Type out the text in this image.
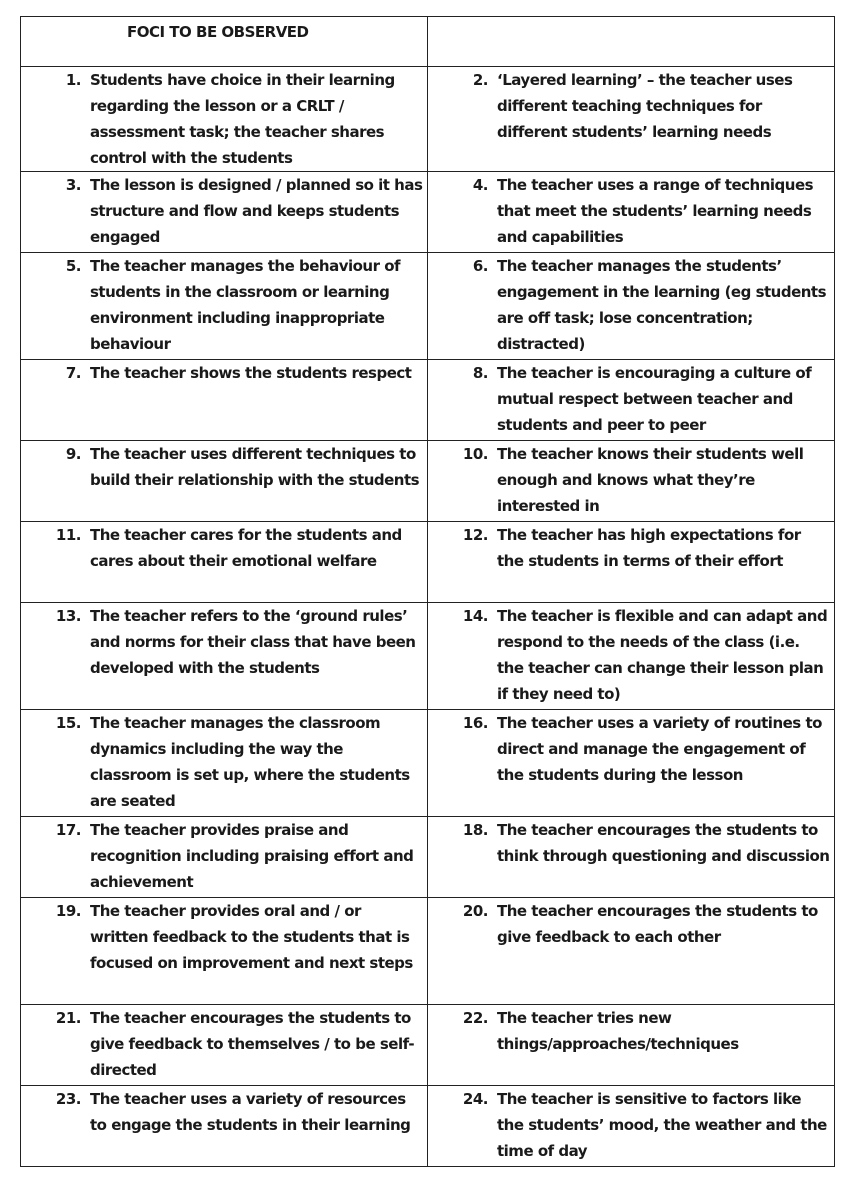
FOCI TO BE OBSERVED	

1. Students have choice in their learning regarding the lesson or a CRLT / assessment task; the teacher shares control with the students	2. ‘Layered learning’ – the teacher uses different teaching techniques for different students’ learning needs

3. The lesson is designed / planned so it has structure and flow and keeps students engaged	4. The teacher uses a range of techniques that meet the students’ learning needs and capabilities

5. The teacher manages the behaviour of students in the classroom or learning environment including inappropriate behaviour	6. The teacher manages the students’ engagement in the learning (eg students are off task; lose concentration; distracted)

7. The teacher shows the students respect	8. The teacher is encouraging a culture of mutual respect between teacher and students and peer to peer

9. The teacher uses different techniques to build their relationship with the students	10. The teacher knows their students well enough and knows what they’re interested in

11. The teacher cares for the students and cares about their emotional welfare	12. The teacher has high expectations for the students in terms of their effort

13. The teacher refers to the ‘ground rules’ and norms for their class that have been developed with the students	14. The teacher is flexible and can adapt and respond to the needs of the class (i.e. the teacher can change their lesson plan if they need to)

15. The teacher manages the classroom dynamics including the way the classroom is set up, where the students are seated	16. The teacher uses a variety of routines to direct and manage the engagement of the students during the lesson

17. The teacher provides praise and recognition including praising effort and achievement	18. The teacher encourages the students to think through questioning and discussion

19. The teacher provides oral and / or written feedback to the students that is focused on improvement and next steps	20. The teacher encourages the students to give feedback to each other

21. The teacher encourages the students to give feedback to themselves / to be self-directed	22. The teacher tries new things/approaches/techniques

23. The teacher uses a variety of resources to engage the students in their learning	24. The teacher is sensitive to factors like the students’ mood, the weather and the time of day
